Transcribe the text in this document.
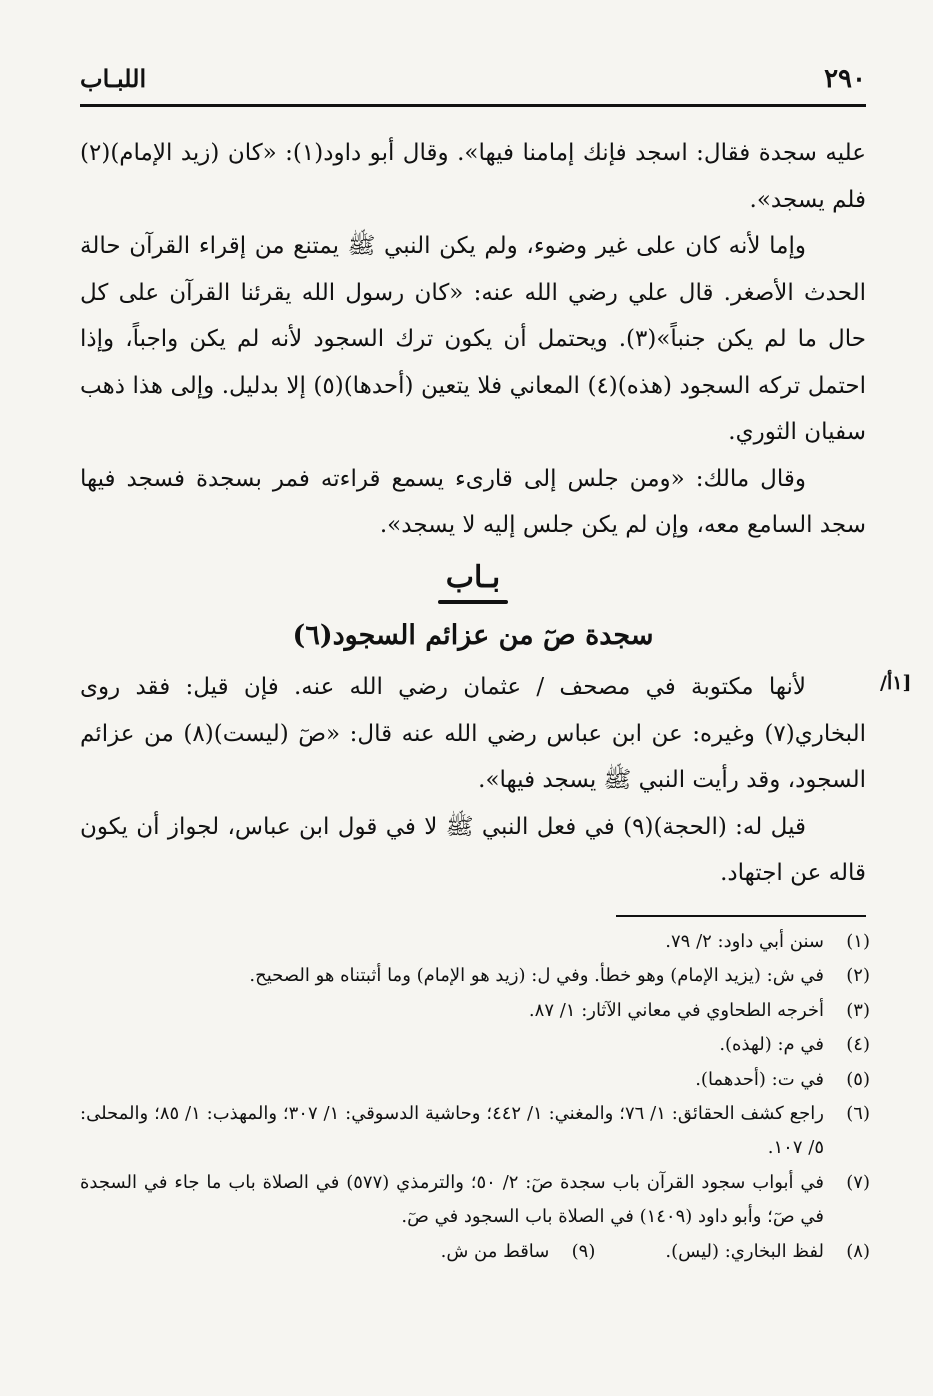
٢٩٠
اللبـاب

عليه سجدة فقال: اسجد فإنك إمامنا فيها». وقال أبو داود(١): «كان (زيد الإمام)(٢) فلم يسجد».

وإما لأنه كان على غير وضوء، ولم يكن النبي ﷺ يمتنع من إقراء القرآن حالة الحدث الأصغر. قال علي رضي الله عنه: «كان رسول الله يقرئنا القرآن على كل حال ما لم يكن جنباً»(٣). ويحتمل أن يكون ترك السجود لأنه لم يكن واجباً، وإذا احتمل تركه السجود (هذه)(٤) المعاني فلا يتعين (أحدها)(٥) إلا بدليل. وإلى هذا ذهب سفيان الثوري.

وقال مالك: «ومن جلس إلى قارىء يسمع قراءته فمر بسجدة فسجد فيها سجد السامع معه، وإن لم يكن جلس إليه لا يسجد».

بـاب
سجدة صٓ من عزائم السجود(٦)

لأنها مكتوبة في مصحف / عثمان رضي الله عنه. فإن قيل: فقد روى البخاري(٧) وغيره: عن ابن عباس رضي الله عنه قال: «صٓ (ليست)(٨) من عزائم السجود، وقد رأيت النبي ﷺ يسجد فيها».

قيل له: (الحجة)(٩) في فعل النبي ﷺ لا في قول ابن عباس، لجواز أن يكون قاله عن اجتهاد.

/١أ]
(١)
سنن أبي داود: ٢/ ٧٩.
(٢)
في ش: (يزيد الإمام) وهو خطأ. وفي ل: (زيد هو الإمام) وما أثبتناه هو الصحيح.
(٣)
أخرجه الطحاوي في معاني الآثار: ١/ ٨٧.
(٤)
في م: (لهذه).
(٥)
في ت: (أحدهما).
(٦)
راجع كشف الحقائق: ١/ ٧٦؛ والمغني: ١/ ٤٤٢؛ وحاشية الدسوقي: ١/ ٣٠٧؛ والمهذب: ١/ ٨٥؛ والمحلى: ٥/ ١٠٧.
(٧)
في أبواب سجود القرآن باب سجدة صٓ: ٢/ ٥٠؛ والترمذي (٥٧٧) في الصلاة باب ما جاء في السجدة في صٓ؛ وأبو داود (١٤٠٩) في الصلاة باب السجود في صٓ.
(٨)
لفظ البخاري: (ليس).
(٩)
ساقط من ش.
